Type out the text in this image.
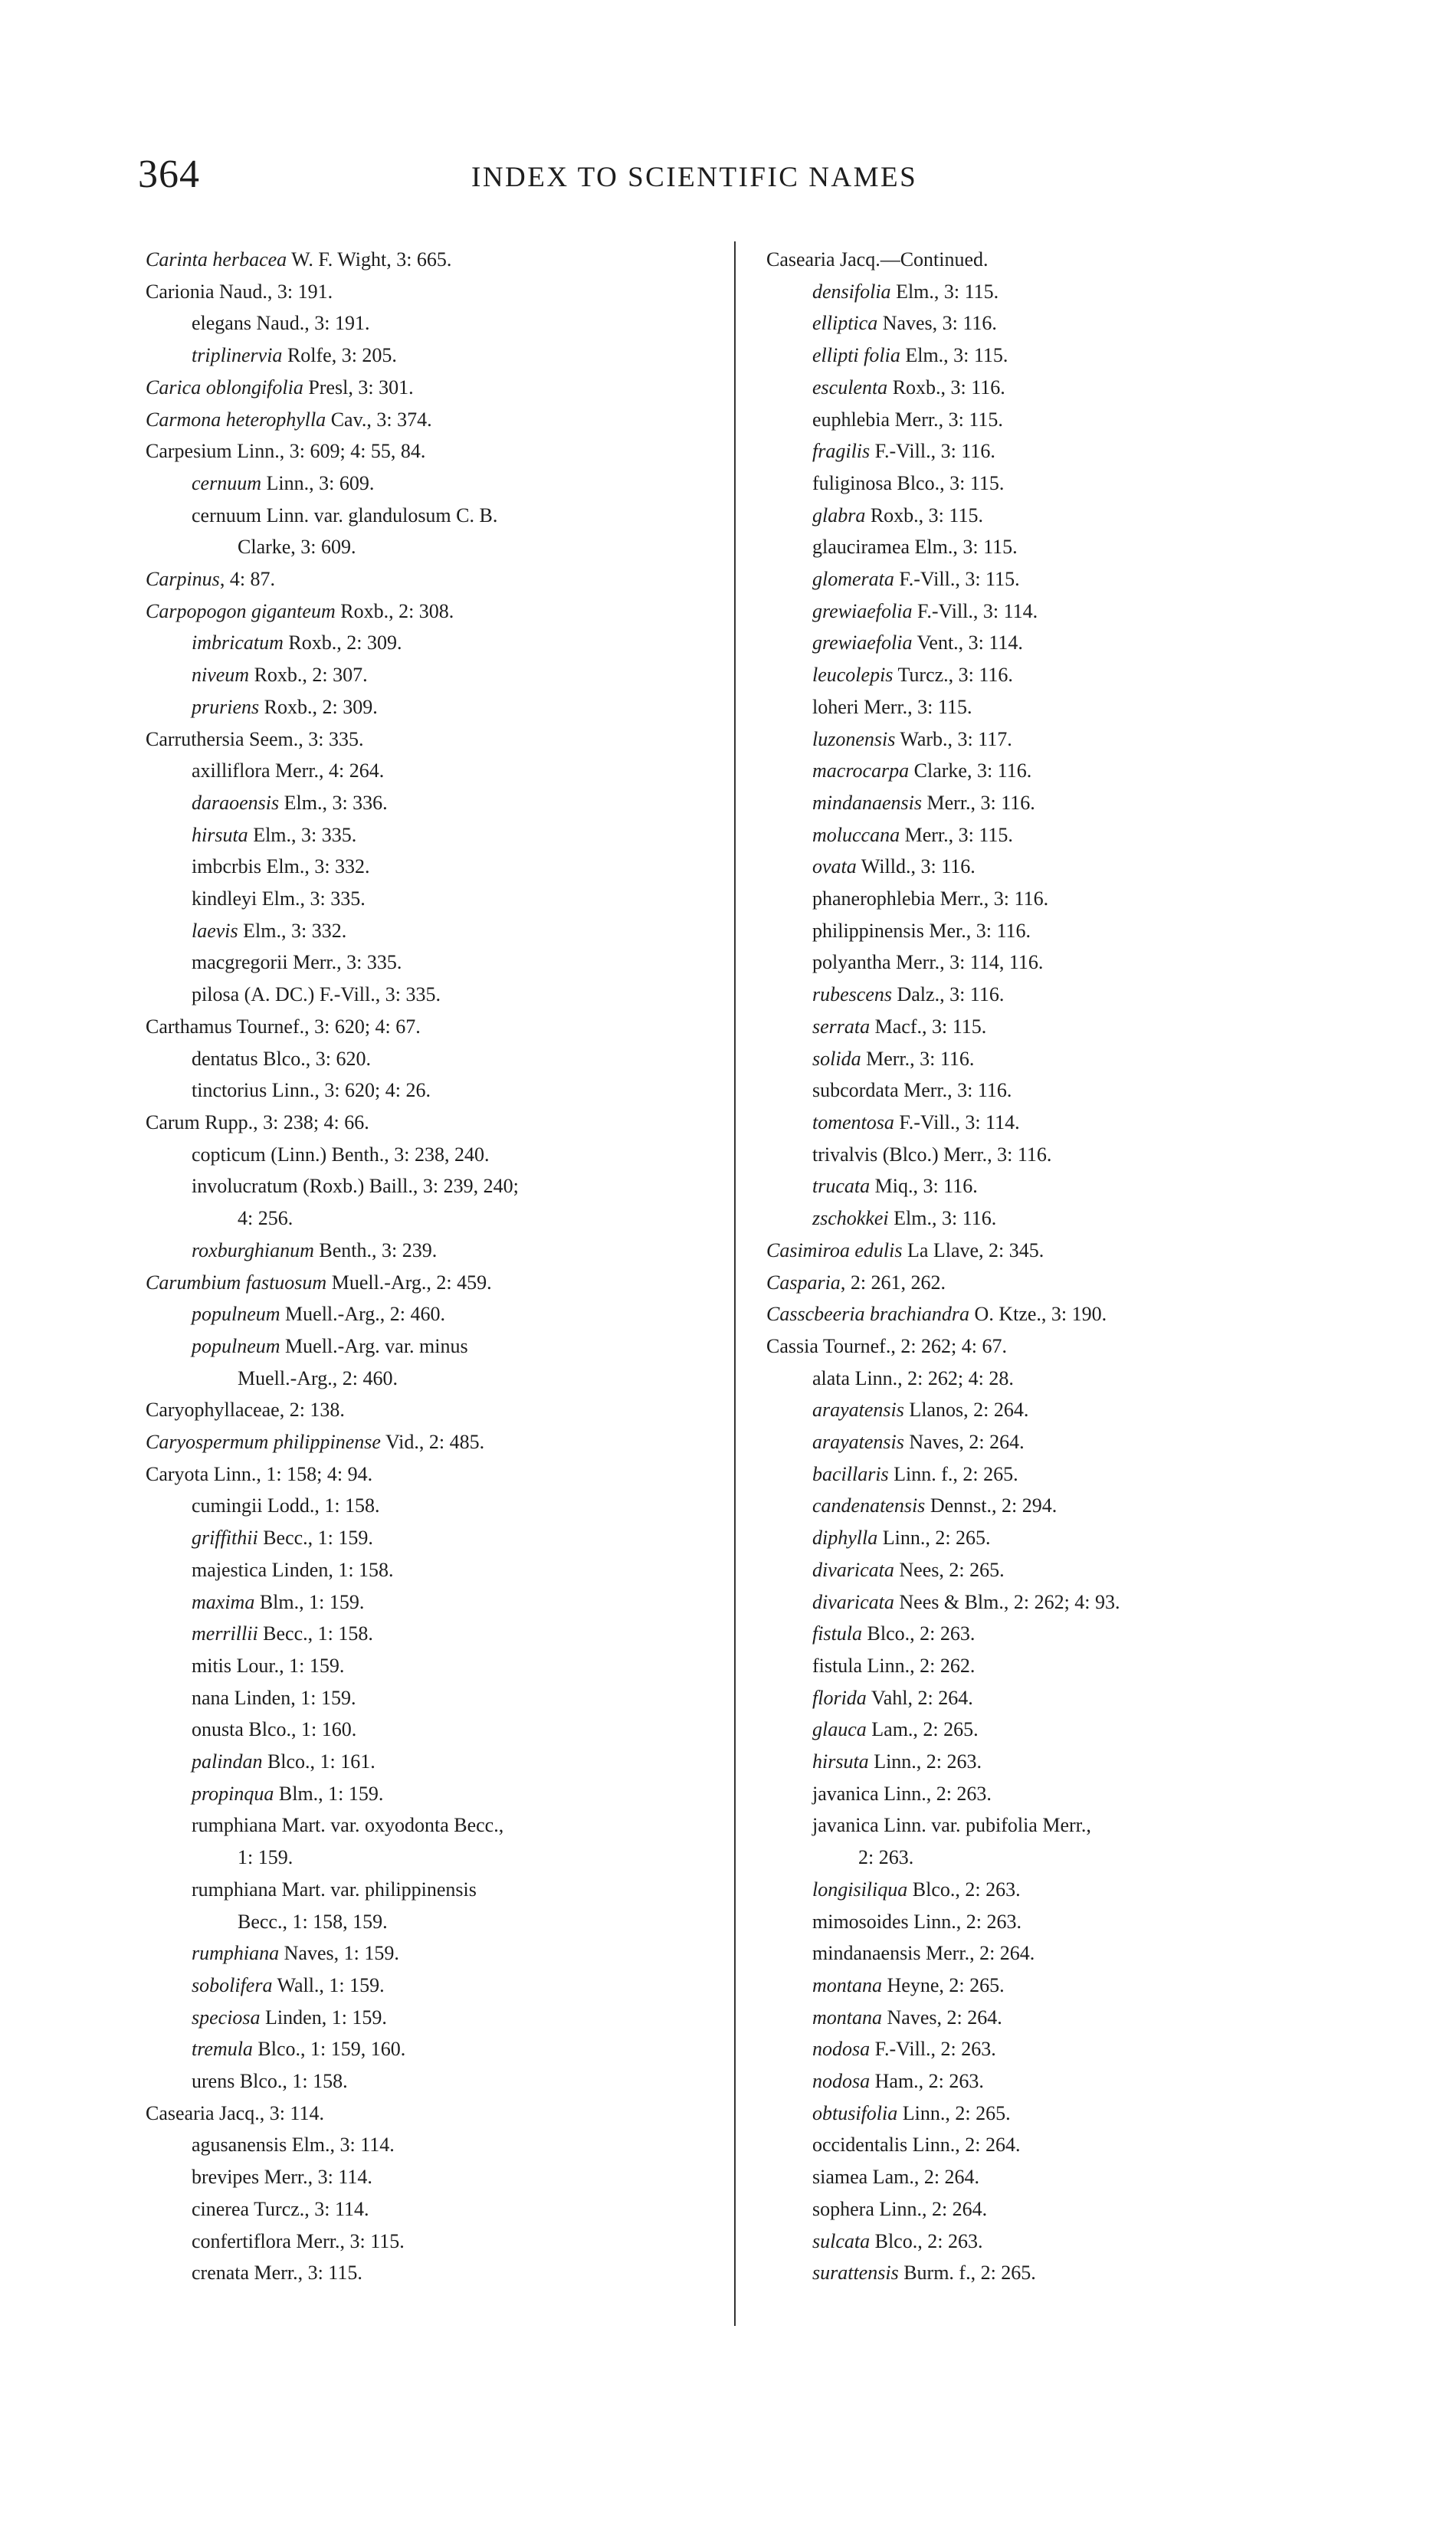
364	INDEX TO SCIENTIFIC NAMES
Carinta herbacea W. F. Wight, 3: 665.
Carionia Naud., 3: 191.
elegans Naud., 3: 191.
triplinervia Rolfe, 3: 205.
Carica oblongifolia Presl, 3: 301.
Carmona heterophylla Cav., 3: 374.
Carpesium Linn., 3: 609; 4: 55, 84.
cernuum Linn., 3: 609.
cernuum Linn. var. glandulosum C. B.
Clarke, 3: 609.
Carpinus, 4: 87.
Carpopogon giganteum Roxb., 2: 308.
imbricatum Roxb., 2: 309.
niveum Roxb., 2: 307.
pruriens Roxb., 2: 309.
Carruthersia Seem., 3: 335.
axilliflora Merr., 4: 264.
daraoensis Elm., 3: 336.
hirsuta Elm., 3: 335.
imbcrbis Elm., 3: 332.
kindleyi Elm., 3: 335.
laevis Elm., 3: 332.
macgregorii Merr., 3: 335.
pilosa (A. DC.) F.-Vill., 3: 335.
Carthamus Tournef., 3: 620; 4: 67.
dentatus Blco., 3: 620.
tinctorius Linn., 3: 620; 4: 26.
Carum Rupp., 3: 238; 4: 66.
copticum (Linn.) Benth., 3: 238, 240.
involucratum (Roxb.) Baill., 3: 239, 240;
4: 256.
roxburghianum Benth., 3: 239.
Carumbium fastuosum Muell.-Arg., 2: 459.
populneum Muell.-Arg., 2: 460.
populneum Muell.-Arg. var. minus
Muell.-Arg., 2: 460.
Caryophyllaceae, 2: 138.
Caryospermum philippinense Vid., 2: 485.
Caryota Linn., 1: 158; 4: 94.
cumingii Lodd., 1: 158.
griffithii Becc., 1: 159.
majestica Linden, 1: 158.
maxima Blm., 1: 159.
merrillii Becc., 1: 158.
mitis Lour., 1: 159.
nana Linden, 1: 159.
onusta Blco., 1: 160.
palindan Blco., 1: 161.
propinqua Blm., 1: 159.
rumphiana Mart. var. oxyodonta Becc.,
1: 159.
rumphiana Mart. var. philippinensis
Becc., 1: 158, 159.
rumphiana Naves, 1: 159.
sobolifera Wall., 1: 159.
speciosa Linden, 1: 159.
tremula Blco., 1: 159, 160.
urens Blco., 1: 158.
Casearia Jacq., 3: 114.
agusanensis Elm., 3: 114.
brevipes Merr., 3: 114.
cinerea Turcz., 3: 114.
confertiflora Merr., 3: 115.
crenata Merr., 3: 115.
Casearia Jacq.—Continued.
densifolia Elm., 3: 115.
elliptica Naves, 3: 116.
ellipti folia Elm., 3: 115.
esculenta Roxb., 3: 116.
euphlebia Merr., 3: 115.
fragilis F.-Vill., 3: 116.
fuliginosa Blco., 3: 115.
glabra Roxb., 3: 115.
glauciramea Elm., 3: 115.
glomerata F.-Vill., 3: 115.
grewiaefolia F.-Vill., 3: 114.
grewiaefolia Vent., 3: 114.
leucolepis Turcz., 3: 116.
loheri Merr., 3: 115.
luzonensis Warb., 3: 117.
macrocarpa Clarke, 3: 116.
mindanaensis Merr., 3: 116.
moluccana Merr., 3: 115.
ovata Willd., 3: 116.
phanerophlebia Merr., 3: 116.
philippinensis Mer., 3: 116.
polyantha Merr., 3: 114, 116.
rubescens Dalz., 3: 116.
serrata Macf., 3: 115.
solida Merr., 3: 116.
subcordata Merr., 3: 116.
tomentosa F.-Vill., 3: 114.
trivalvis (Blco.) Merr., 3: 116.
trucata Miq., 3: 116.
zschokkei Elm., 3: 116.
Casimiroa edulis La Llave, 2: 345.
Casparia, 2: 261, 262.
Casscbeeria brachiandra O. Ktze., 3: 190.
Cassia Tournef., 2: 262; 4: 67.
alata Linn., 2: 262; 4: 28.
arayatensis Llanos, 2: 264.
arayatensis Naves, 2: 264.
bacillaris Linn. f., 2: 265.
candenatensis Dennst., 2: 294.
diphylla Linn., 2: 265.
divaricata Nees, 2: 265.
divaricata Nees & Blm., 2: 262; 4: 93.
fistula Blco., 2: 263.
fistula Linn., 2: 262.
florida Vahl, 2: 264.
glauca Lam., 2: 265.
hirsuta Linn., 2: 263.
javanica Linn., 2: 263.
javanica Linn. var. pubifolia Merr.,
2: 263.
longisiliqua Blco., 2: 263.
mimosoides Linn., 2: 263.
mindanaensis Merr., 2: 264.
montana Heyne, 2: 265.
montana Naves, 2: 264.
nodosa F.-Vill., 2: 263.
nodosa Ham., 2: 263.
obtusifolia Linn., 2: 265.
occidentalis Linn., 2: 264.
siamea Lam., 2: 264.
sophera Linn., 2: 264.
sulcata Blco., 2: 263.
surattensis Burm. f., 2: 265.
